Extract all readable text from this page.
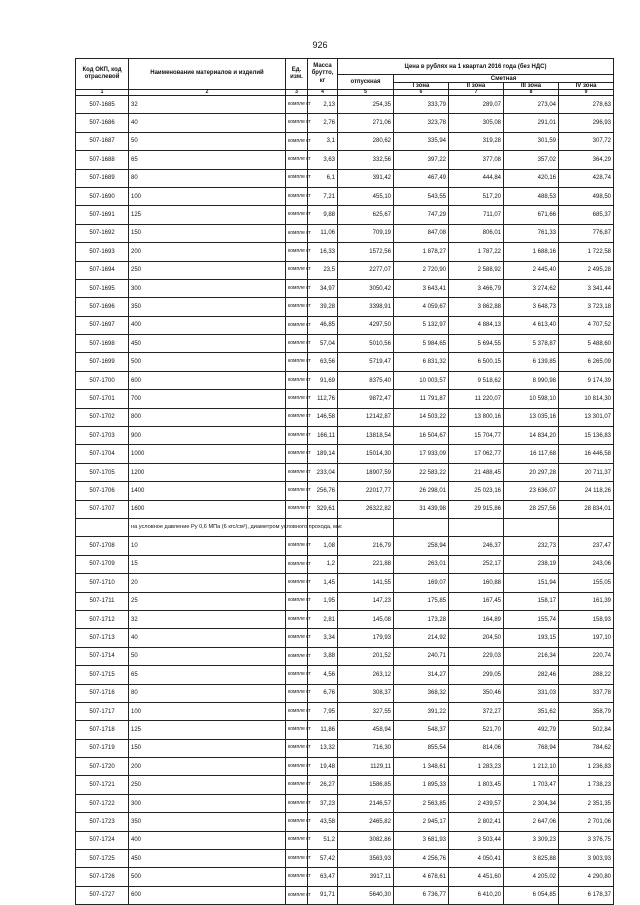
926
Код ОКП, код отраслевой	Наименование материалов и изделий	Ед. изм.	Масса брутто, кг	Цена в рублях на 1 квартал 2016 года (без НДС)				
				отпускная	Сметная			
					I зона	II зона	III зона	IV зона

1	2	3	4	5	6	7	8	9
507-1685	32	компле кт	2,13	254,35	333,79	289,07	273,04	278,63
507-1686	40	компле кт	2,76	271,06	323,78	305,08	291,01	296,93
507-1687	50	компле кт	3,1	280,62	335,94	319,28	301,59	307,72
507-1688	65	компле кт	3,63	332,56	397,22	377,08	357,02	364,29
507-1689	80	компле кт	6,1	391,42	467,49	444,84	420,16	428,74
507-1690	100	компле кт	7,21	455,10	543,55	517,20	488,53	498,50
507-1691	125	компле кт	9,88	625,67	747,29	711,07	671,66	685,37
507-1692	150	компле кт	11,06	709,19	847,08	806,01	761,33	776,87
507-1693	200	компле кт	16,33	1572,56	1 878,27	1 787,22	1 688,16	1 722,58
507-1694	250	компле кт	23,5	2277,07	2 720,90	2 588,92	2 445,40	2 495,28
507-1695	300	компле кт	34,97	3050,42	3 643,41	3 466,79	3 274,62	3 341,44
507-1696	350	компле кт	39,28	3398,91	4 059,67	3 862,88	3 648,73	3 723,18
507-1697	400	компле кт	46,85	4297,50	5 132,97	4 884,13	4 613,40	4 707,52
507-1698	450	компле кт	57,04	5010,56	5 984,65	5 694,55	5 378,87	5 488,60
507-1699	500	компле кт	63,56	5719,47	6 831,32	6 500,15	6 139,85	6 265,09
507-1700	600	компле кт	91,69	8375,40	10 003,57	9 518,62	8 990,98	9 174,39
507-1701	700	компле кт	112,76	9872,47	11 791,87	11 220,07	10 598,10	10 814,30
507-1702	800	компле кт	146,58	12142,87	14 503,22	13 800,16	13 035,16	13 301,07
507-1703	900	компле кт	166,11	13818,54	16 504,67	15 704,77	14 834,20	15 136,83
507-1704	1000	компле кт	189,14	15014,30	17 933,09	17 062,77	16 117,68	16 446,58
507-1705	1200	компле кт	233,04	18907,59	22 583,22	21 488,45	20 297,28	20 711,37
507-1706	1400	компле кт	256,76	22017,77	26 298,01	25 023,16	23 636,07	24 118,26
507-1707	1600	компле кт	329,61	26322,82	31 439,98	29 915,86	28 257,56	28 834,01
	на условное давление Ру 0,6 МПа (6 кгс/см²), диаметром условного прохода, мм:							
507-1708	10	компле кт	1,08	216,79	258,94	246,37	232,73	237,47
507-1709	15	компле кт	1,2	221,88	263,01	252,17	238,19	243,06
507-1710	20	компле кт	1,45	141,55	169,07	160,88	151,94	155,05
507-1711	25	компле кт	1,95	147,23	175,85	167,45	158,17	161,39
507-1712	32	компле кт	2,81	145,08	173,28	164,89	155,74	158,93
507-1713	40	компле кт	3,34	179,93	214,92	204,50	193,15	197,10
507-1714	50	компле кт	3,88	201,52	240,71	229,03	216,34	220,74
507-1715	65	компле кт	4,56	263,12	314,27	299,05	282,46	288,22
507-1716	80	компле кт	6,76	308,37	368,32	350,46	331,03	337,78
507-1717	100	компле кт	7,95	327,55	391,22	372,27	351,62	358,79
507-1718	125	компле кт	11,86	458,94	548,37	521,70	492,79	502,84
507-1719	150	компле кт	13,32	716,30	855,54	814,06	768,94	784,62
507-1720	200	компле кт	19,48	1129,11	1 348,61	1 283,23	1 212,10	1 236,83
507-1721	250	компле кт	26,27	1586,85	1 895,33	1 803,45	1 703,47	1 738,23
507-1722	300	компле кт	37,23	2146,57	2 563,85	2 439,57	2 304,34	2 351,35
507-1723	350	компле кт	43,58	2465,82	2 945,17	2 802,41	2 647,06	2 701,06
507-1724	400	компле кт	51,2	3082,86	3 681,93	3 503,44	3 309,23	3 376,75
507-1725	450	компле кт	57,42	3563,93	4 256,76	4 050,41	3 825,88	3 903,93
507-1726	500	компле кт	63,47	3917,11	4 678,61	4 451,60	4 205,02	4 290,80
507-1727	600	компле кт	91,71	5640,30	6 736,77	6 410,20	6 054,85	6 178,37
